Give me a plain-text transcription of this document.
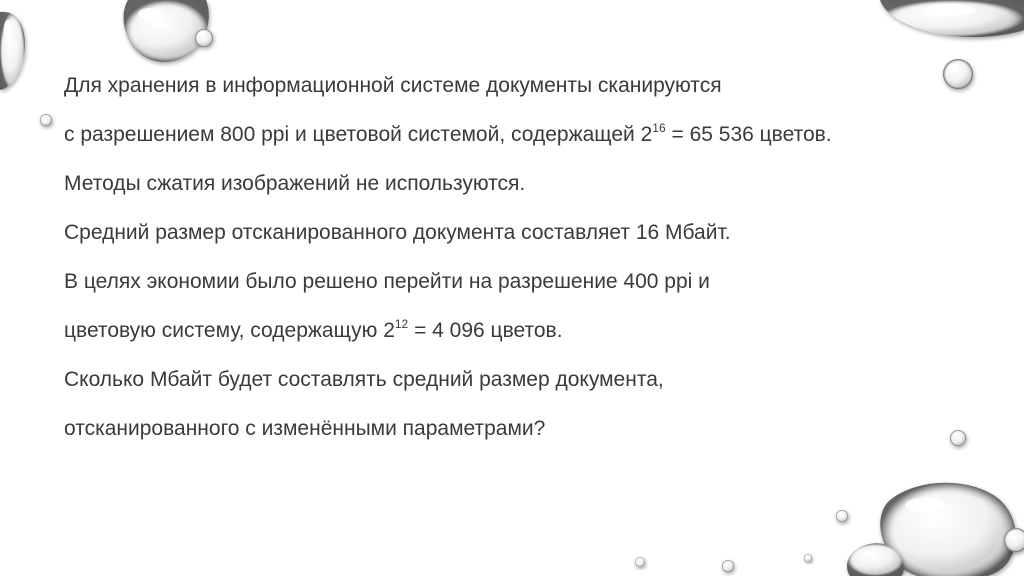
Для хранения в информационной системе документы сканируются

с разрешением 800 ppi и цветовой системой, содержащей $2^{16} = 65$ 536 цветов.

Методы сжатия изображений не используются.

Средний размер отсканированного документа составляет 16 Мбайт.

В целях экономии было решено перейти на разрешение 400 ppi и

цветовую систему, содержащую $2^{12} = 4$ 096 цветов.

Сколько Мбайт будет составлять средний размер документа,

отсканированного с изменёнными параметрами?
